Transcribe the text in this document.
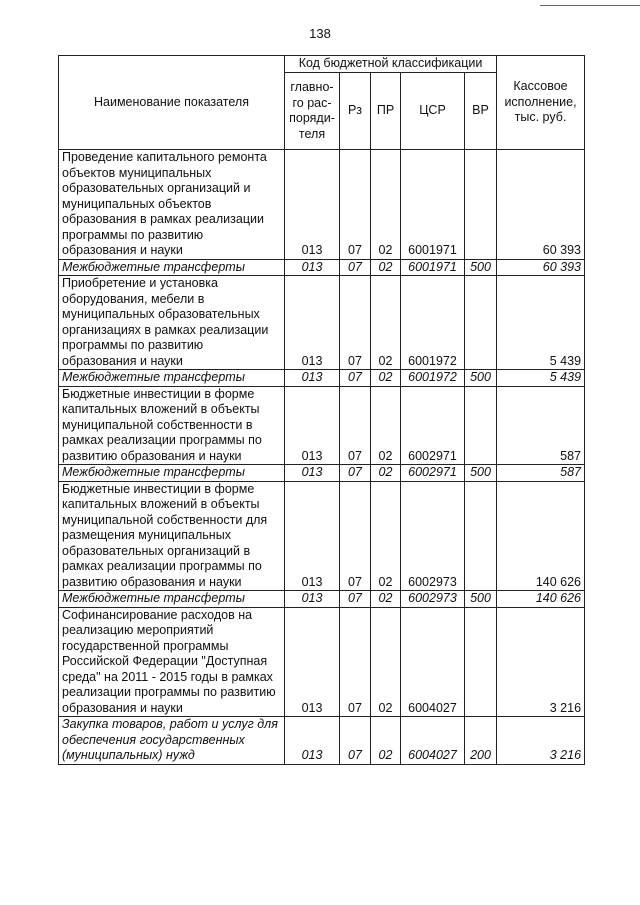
138
Наименование показателя	Код бюджетной классификации					Кассовое исполнение, тыс. руб.

	главно-
го рас-
поряди-
теля	Рз	ПР	ЦСР	ВР	
Проведение капитального ремонта объектов муниципальных образовательных организаций и муниципальных объектов образования в рамках реализации программы по развитию образования и науки	013	07	02	6001971		60 393
Межбюджетные трансферты	013	07	02	6001971	500	60 393
Приобретение и установка оборудования, мебели в муниципальных образовательных организациях в рамках реализации программы по развитию образования и науки	013	07	02	6001972		5 439
Межбюджетные трансферты	013	07	02	6001972	500	5 439
Бюджетные инвестиции в форме капитальных вложений в объекты муниципальной собственности в рамках реализации программы по развитию образования и науки	013	07	02	6002971		587
Межбюджетные трансферты	013	07	02	6002971	500	587
Бюджетные инвестиции в форме капитальных вложений в объекты муниципальной собственности для размещения муниципальных образовательных организаций в рамках реализации программы по развитию образования и науки	013	07	02	6002973		140 626
Межбюджетные трансферты	013	07	02	6002973	500	140 626
Софинансирование расходов на реализацию мероприятий государственной программы Российской Федерации "Доступная среда" на 2011 - 2015 годы в рамках реализации программы по развитию образования и науки	013	07	02	6004027		3 216
Закупка товаров, работ и услуг для обеспечения государственных (муниципальных) нужд	013	07	02	6004027	200	3 216
